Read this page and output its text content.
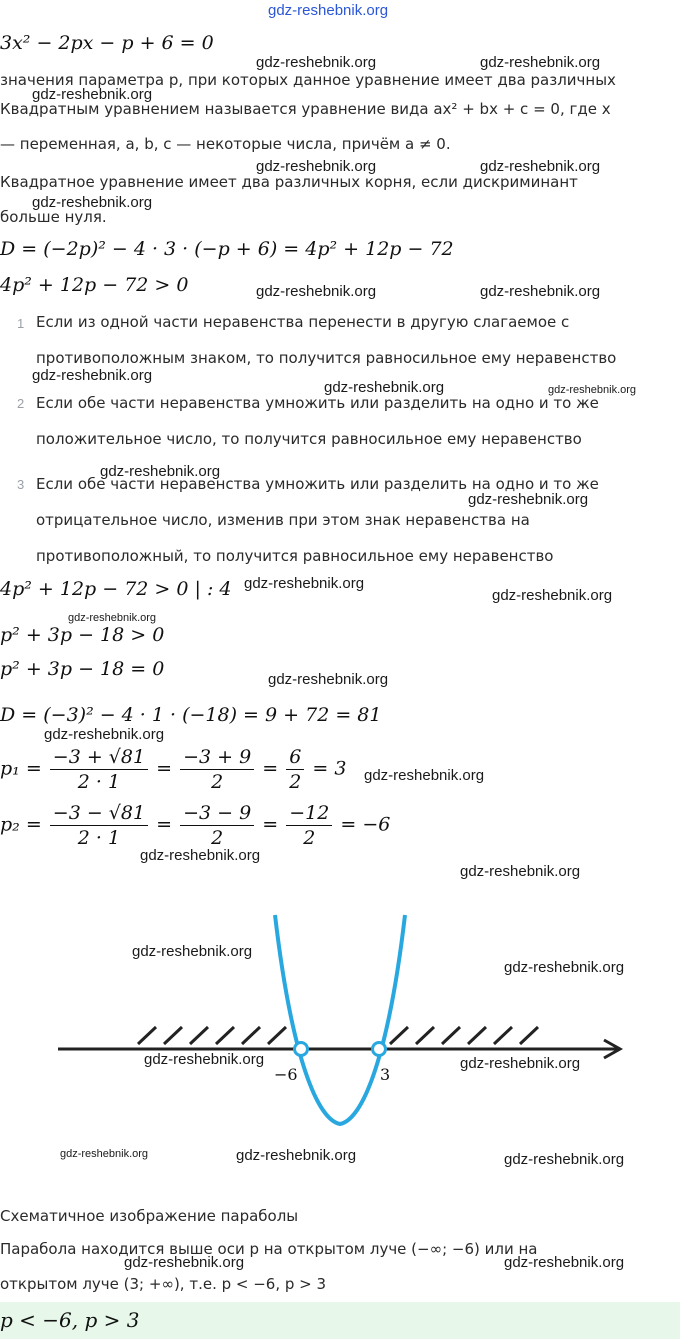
gdz-reshebnik.org
3x² − 2px − p + 6 = 0
gdz-reshebnik.org	gdz-reshebnik.org
значения параметра p, при которых данное уравнение имеет два различных
gdz-reshebnik.org
Квадратным уравнением называется уравнение вида ax² + bx + c = 0, где x
— переменная, a, b, c — некоторые числа, причём a ≠ 0.
gdz-reshebnik.org	gdz-reshebnik.org
Квадратное уравнение имеет два различных корня, если дискриминант
gdz-reshebnik.org
больше нуля.
D = (−2p)² − 4 · 3 · (−p + 6) = 4p² + 12p − 72
4p² + 12p − 72 > 0	gdz-reshebnik.org	gdz-reshebnik.org
1 Если из одной части неравенства перенести в другую слагаемое с
противоположным знаком, то получится равносильное ему неравенство
gdz-reshebnik.org
gdz-reshebnik.org	gdz-reshebnik.org
2 Если обе части неравенства умножить или разделить на одно и то же
положительное число, то получится равносильное ему неравенство
gdz-reshebnik.org
3 Если обе части неравенства умножить или разделить на одно и то же
gdz-reshebnik.org
отрицательное число, изменив при этом знак неравенства на
противоположный, то получится равносильное ему неравенство
4p² + 12p − 72 > 0 | : 4 gdz-reshebnik.org
gdz-reshebnik.org
gdz-reshebnik.org
p² + 3p − 18 > 0
p² + 3p − 18 = 0	gdz-reshebnik.org
D = (−3)² − 4 · 1 · (−18) = 9 + 72 = 81
gdz-reshebnik.org
$p_1 = \frac{-3 + √81}{2 \cdot 1} = \frac{-3 + 9}{2} = \frac{6}{2} = 3$ gdz-reshebnik.org
$p_2 = \frac{-3 - √81}{2 \cdot 1} = \frac{-3 - 9}{2} = \frac{-12}{2} = -6$
gdz-reshebnik.org
gdz-reshebnik.org
−6	3
gdz-reshebnik.org
gdz-reshebnik.org
gdz-reshebnik.org	gdz-reshebnik.org
gdz-reshebnik.org	gdz-reshebnik.org	gdz-reshebnik.org
Схематичное изображение параболы
Парабола находится выше оси p на открытом луче (−∞; −6) или на
gdz-reshebnik.org	gdz-reshebnik.org
открытом луче (3; +∞), т.е. p < −6, p > 3
p < −6, p > 3
